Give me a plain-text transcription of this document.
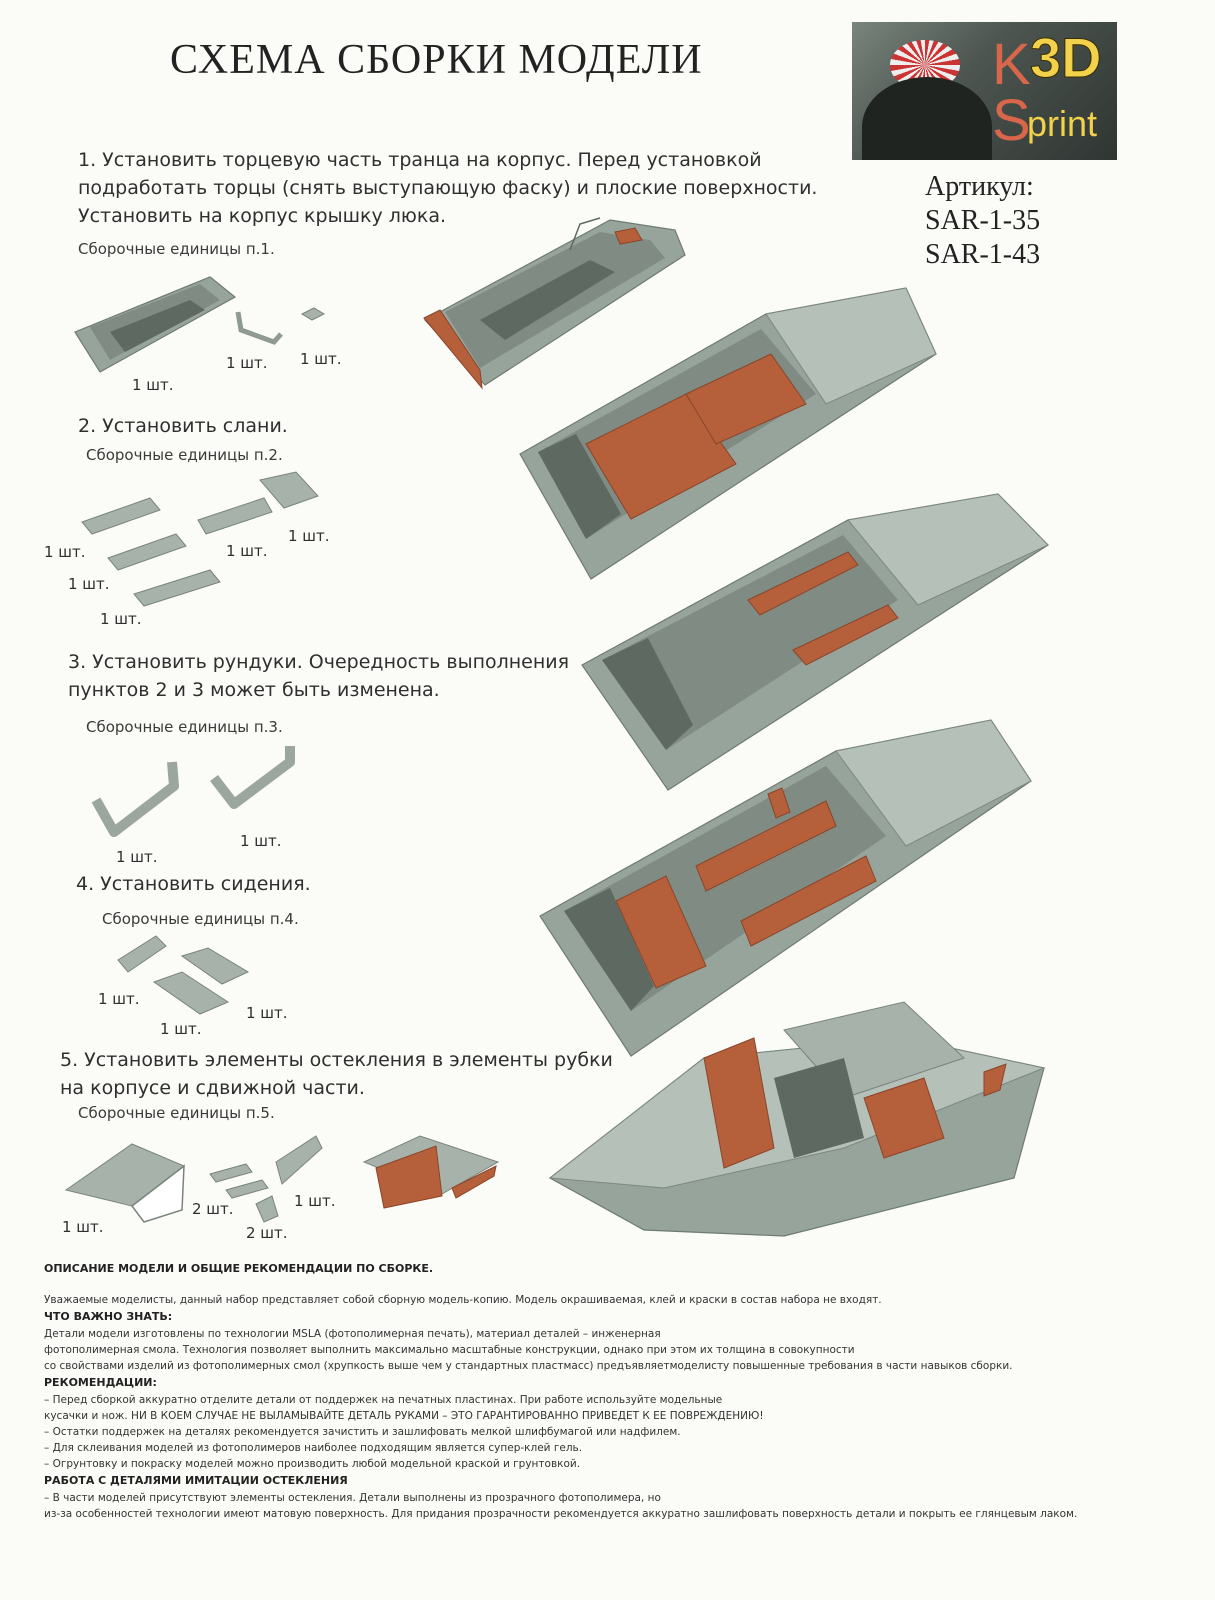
СХЕМА СБОРКИ МОДЕЛИ	K
S
3D
print
Артикул:
SAR-1-35
SAR-1-43
1. Установить торцевую часть транца на корпус. Перед установкой
подработать торцы (снять выступающую фаску) и плоские поверхности.
Установить на корпус крышку люка.
Сборочные единицы п.1.
1 шт.
1 шт. 1 шт.
2. Установить слани.
Сборочные единицы п.2.
1 шт.
1 шт.
1 шт.
1 шт.
1 шт.
3. Установить рундуки. Очередность выполнения
пунктов 2 и 3 может быть изменена.
Сборочные единицы п.3.
1 шт.
1 шт.
4. Установить сидения.
Сборочные единицы п.4.
1 шт.
1 шт.
1 шт.
5. Установить элементы остекления в элементы рубки
на корпусе и сдвижной части.
Сборочные единицы п.5.
1 шт.
2 шт.
2 шт.
1 шт.
ОПИСАНИЕ МОДЕЛИ И ОБЩИЕ РЕКОМЕНДАЦИИ ПО СБОРКЕ.
Уважаемые моделисты, данный набор представляет собой сборную модель-копию. Модель окрашиваемая, клей и краски в состав набора не входят.
ЧТО ВАЖНО ЗНАТЬ:
Детали модели изготовлены по технологии MSLA (фотополимерная печать), материал деталей – инженерная
фотополимерная смола. Технология позволяет выполнить максимально масштабные конструкции, однако при этом их толщина в совокупности
со свойствами изделий из фотополимерных смол (хрупкость выше чем у стандартных пластмасс) предъявляетмоделисту повышенные требования в части навыков сборки.
РЕКОМЕНДАЦИИ:
– Перед сборкой аккуратно отделите детали от поддержек на печатных пластинах. При работе используйте модельные
кусачки и нож. НИ В КОЕМ СЛУЧАЕ НЕ ВЫЛАМЫВАЙТЕ ДЕТАЛЬ РУКАМИ – ЭТО ГАРАНТИРОВАННО ПРИВЕДЕТ К ЕЕ ПОВРЕЖДЕНИЮ!
– Остатки поддержек на деталях рекомендуется зачистить и зашлифовать мелкой шлифбумагой или надфилем.
– Для склеивания моделей из фотополимеров наиболее подходящим является супер-клей гель.
– Огрунтовку и покраску моделей можно производить любой модельной краской и грунтовкой.
РАБОТА С ДЕТАЛЯМИ ИМИТАЦИИ ОСТЕКЛЕНИЯ
– В части моделей присутствуют элементы остекления. Детали выполнены из прозрачного фотополимера, но
из-за особенностей технологии имеют матовую поверхность. Для придания прозрачности рекомендуется аккуратно зашлифовать поверхность детали и покрыть ее глянцевым лаком.
